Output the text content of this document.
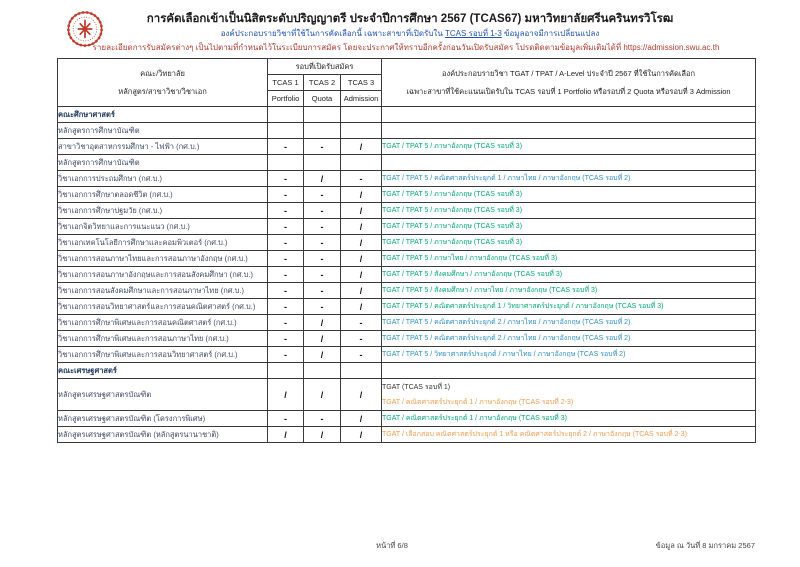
การคัดเลือกเข้าเป็นนิสิตระดับปริญญาตรี ประจำปีการศึกษา 2567 (TCAS67) มหาวิทยาลัยศรีนครินทรวิโรฒ
องค์ประกอบรายวิชาที่ใช้ในการคัดเลือกนี้ เฉพาะสาขาที่เปิดรับใน TCAS รอบที่ 1-3 ข้อมูลอาจมีการเปลี่ยนแปลง
รายละเอียดการรับสมัครต่างๆ เป็นไปตามที่กำหนดไว้ในระเบียบการสมัคร โดยจะประกาศให้ทราบอีกครั้งก่อนวันเปิดรับสมัคร โปรดติดตามข้อมูลเพิ่มเติมได้ที่ https://admission.swu.ac.th
คณะ/วิทยาลัย
หลักสูตร/สาขาวิชา/วิชาเอก
	รอบที่เปิดรับสมัคร	
องค์ประกอบรายวิชา TGAT / TPAT / A-Level ประจำปี 2567 ที่ใช้ในการคัดเลือก
เฉพาะสาขาที่ใช้คะแนนเปิดรับใน TCAS รอบที่ 1 Portfolio หรือรอบที่ 2 Quota หรือรอบที่ 3 Admission

	TCAS 1	TCAS 2	TCAS 3	
	Portfolio	Quota	Admission	
คณะศึกษาศาสตร์				
หลักสูตรการศึกษาบัณฑิต				
สาขาวิชาอุตสาหกรรมศึกษา - ไฟฟ้า (กศ.บ.)	-	-	/	TGAT / TPAT 5 / ภาษาอังกฤษ (TCAS รอบที่ 3)

หลักสูตรการศึกษาบัณฑิต				
วิชาเอกการประถมศึกษา (กศ.บ.)	-	/	-	TGAT / TPAT 5 / คณิตศาสตร์ประยุกต์ 1 / ภาษาไทย / ภาษาอังกฤษ (TCAS รอบที่ 2)

วิชาเอกการศึกษาตลอดชีวิต (กศ.บ.)	-	-	/	TGAT / TPAT 5 / ภาษาอังกฤษ (TCAS รอบที่ 3)

วิชาเอกการศึกษาปฐมวัย (กศ.บ.)	-	-	/	TGAT / TPAT 5 / ภาษาอังกฤษ (TCAS รอบที่ 3)

วิชาเอกจิตวิทยาและการแนะแนว (กศ.บ.)	-	-	/	TGAT / TPAT 5 / ภาษาอังกฤษ (TCAS รอบที่ 3)

วิชาเอกเทคโนโลยีการศึกษาและคอมพิวเตอร์ (กศ.บ.)	-	-	/	TGAT / TPAT 5 / ภาษาอังกฤษ (TCAS รอบที่ 3)

วิชาเอกการสอนภาษาไทยและการสอนภาษาอังกฤษ (กศ.บ.)	-	-	/	TGAT / TPAT 5 / ภาษาไทย / ภาษาอังกฤษ (TCAS รอบที่ 3)

วิชาเอกการสอนภาษาอังกฤษและการสอนสังคมศึกษา (กศ.บ.)	-	-	/	TGAT / TPAT 5 / สังคมศึกษา / ภาษาอังกฤษ (TCAS รอบที่ 3)

วิชาเอกการสอนสังคมศึกษาและการสอนภาษาไทย (กศ.บ.)	-	-	/	TGAT / TPAT 5 / สังคมศึกษา / ภาษาไทย / ภาษาอังกฤษ (TCAS รอบที่ 3)

วิชาเอกการสอนวิทยาศาสตร์และการสอนคณิตศาสตร์ (กศ.บ.)	-	-	/	TGAT / TPAT 5 / คณิตศาสตร์ประยุกต์ 1 / วิทยาศาสตร์ประยุกต์ / ภาษาอังกฤษ (TCAS รอบที่ 3)

วิชาเอกการศึกษาพิเศษและการสอนคณิตศาสตร์ (กศ.บ.)	-	/	-	TGAT / TPAT 5 / คณิตศาสตร์ประยุกต์ 2 / ภาษาไทย / ภาษาอังกฤษ (TCAS รอบที่ 2)

วิชาเอกการศึกษาพิเศษและการสอนภาษาไทย (กศ.บ.)	-	/	-	TGAT / TPAT 5 / คณิตศาสตร์ประยุกต์ 2 / ภาษาไทย / ภาษาอังกฤษ (TCAS รอบที่ 2)

วิชาเอกการศึกษาพิเศษและการสอนวิทยาศาสตร์ (กศ.บ.)	-	/	-	TGAT / TPAT 5 / วิทยาศาสตร์ประยุกต์ / ภาษาไทย / ภาษาอังกฤษ (TCAS รอบที่ 2)

คณะเศรษฐศาสตร์				
หลักสูตรเศรษฐศาสตรบัณฑิต	/	/	/	TGAT (TCAS รอบที่ 1)
TGAT / คณิตศาสตร์ประยุกต์ 1 / ภาษาอังกฤษ (TCAS รอบที่ 2-3)

หลักสูตรเศรษฐศาสตรบัณฑิต (โครงการพิเศษ)	-	-	/	TGAT / คณิตศาสตร์ประยุกต์ 1 / ภาษาอังกฤษ (TCAS รอบที่ 3)

หลักสูตรเศรษฐศาสตรบัณฑิต (หลักสูตรนานาชาติ)	/	/	/	TGAT / เลือกสอบ คณิตศาสตร์ประยุกต์ 1 หรือ คณิตศาสตร์ประยุกต์ 2 / ภาษาอังกฤษ (TCAS รอบที่ 2-3)
หน้าที่ 6/8	ข้อมูล ณ วันที่ 8 มกราคม 2567
